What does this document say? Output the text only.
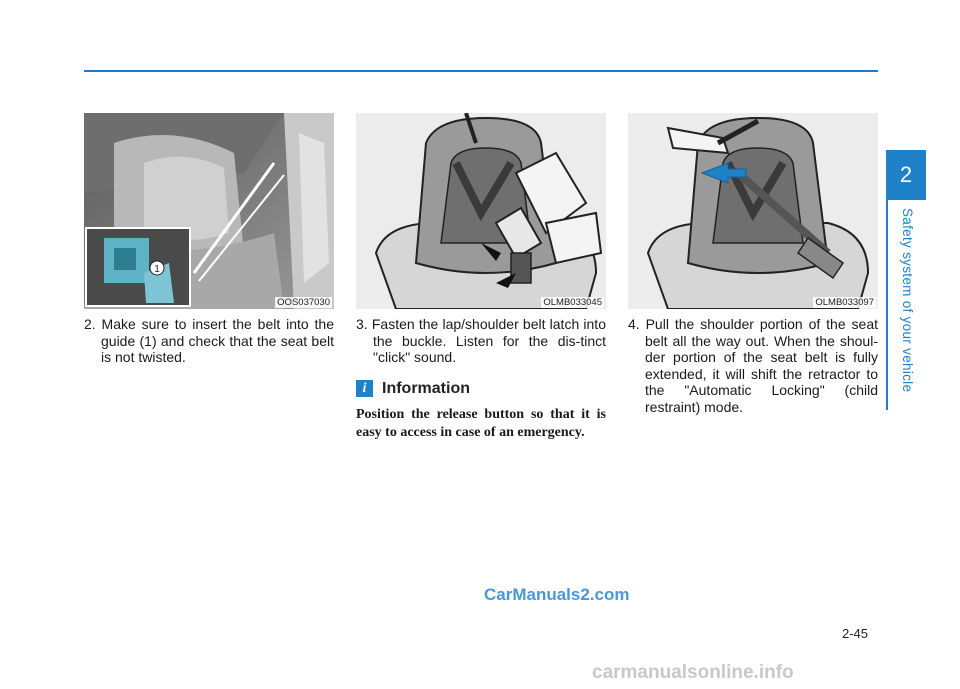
2
Safety system of your vehicle
1
OOS037030

2. Make sure to insert the belt into the guide (1) and check that the seat belt is not twisted.

OLMB033045

3. Fasten the lap/shoulder belt latch into the buckle. Listen for the dis-tinct "click" sound.

i Information

Position the release button so that it is easy to access in case of an emergency.

OLMB033097

4. Pull the shoulder portion of the seat belt all the way out. When the shoul-der portion of the seat belt is fully extended, it will shift the retractor to the "Automatic Locking" (child restraint) mode.

2-45
CarManuals2.com
carmanualsonline.info
